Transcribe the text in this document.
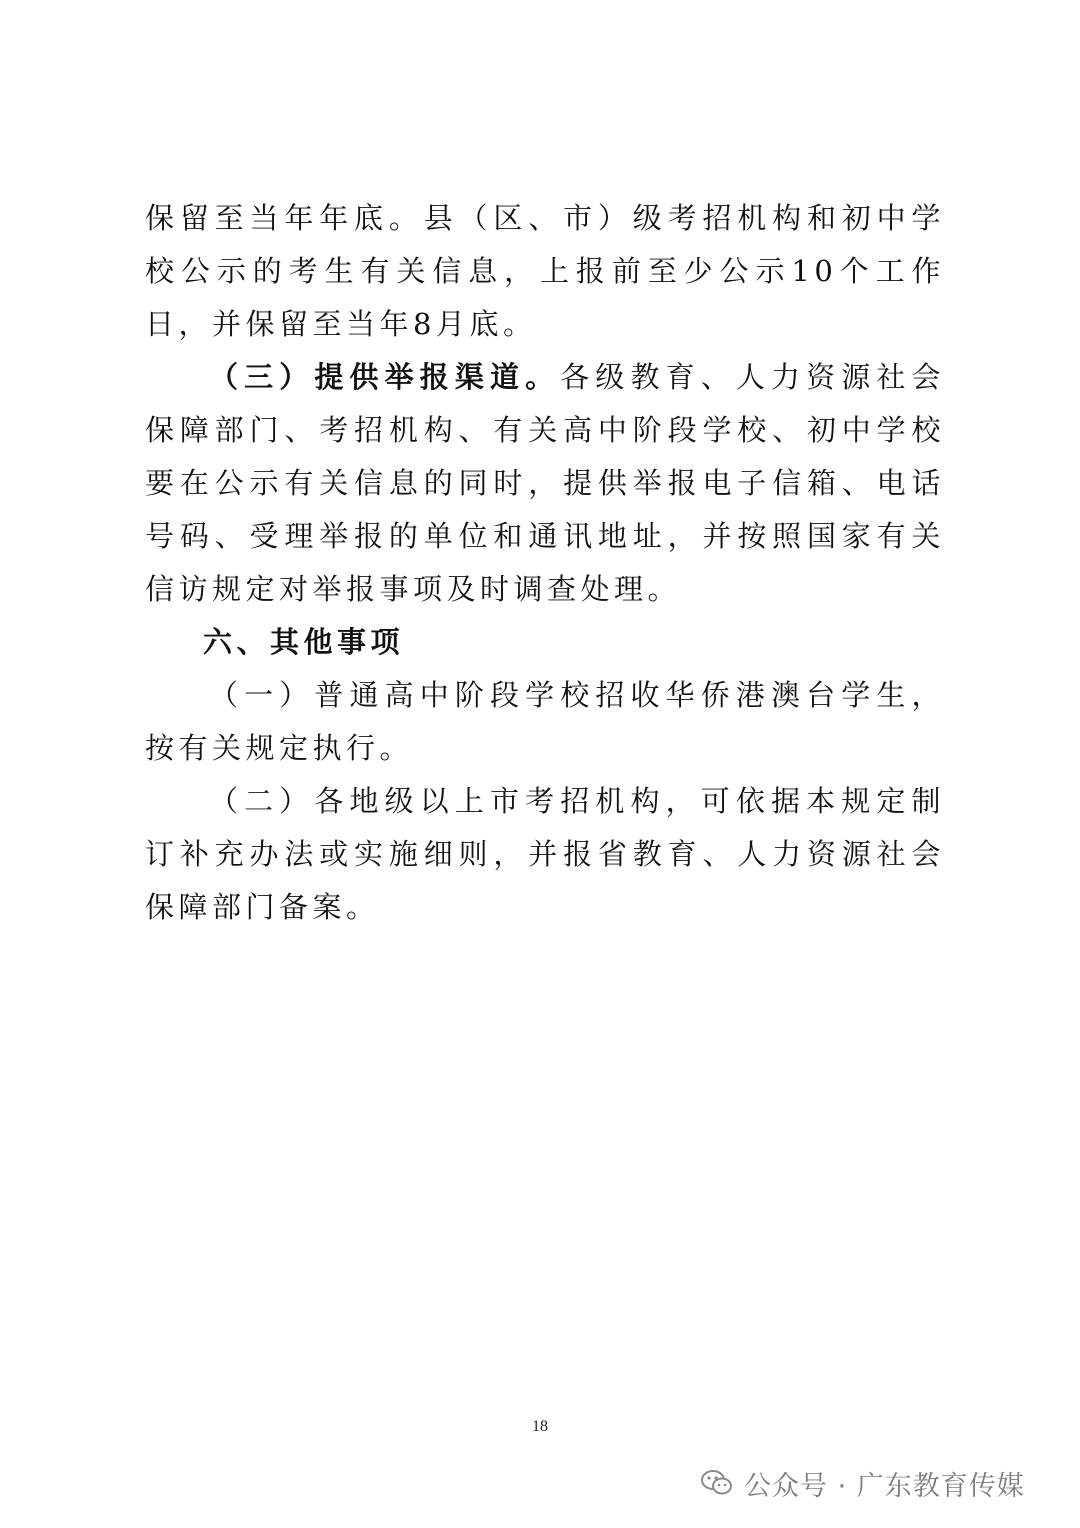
保留至当年年底。县（区、市）级考招机构和初中学校公示的考生有关信息，上报前至少公示10个工作日，并保留至当年8月底。

（三）提供举报渠道。各级教育、人力资源社会保障部门、考招机构、有关高中阶段学校、初中学校要在公示有关信息的同时，提供举报电子信箱、电话号码、受理举报的单位和通讯地址，并按照国家有关信访规定对举报事项及时调查处理。

六、其他事项

（一）普通高中阶段学校招收华侨港澳台学生，按有关规定执行。

（二）各地级以上市考招机构，可依据本规定制订补充办法或实施细则，并报省教育、人力资源社会保障部门备案。

18
公众号 · 广东教育传媒
